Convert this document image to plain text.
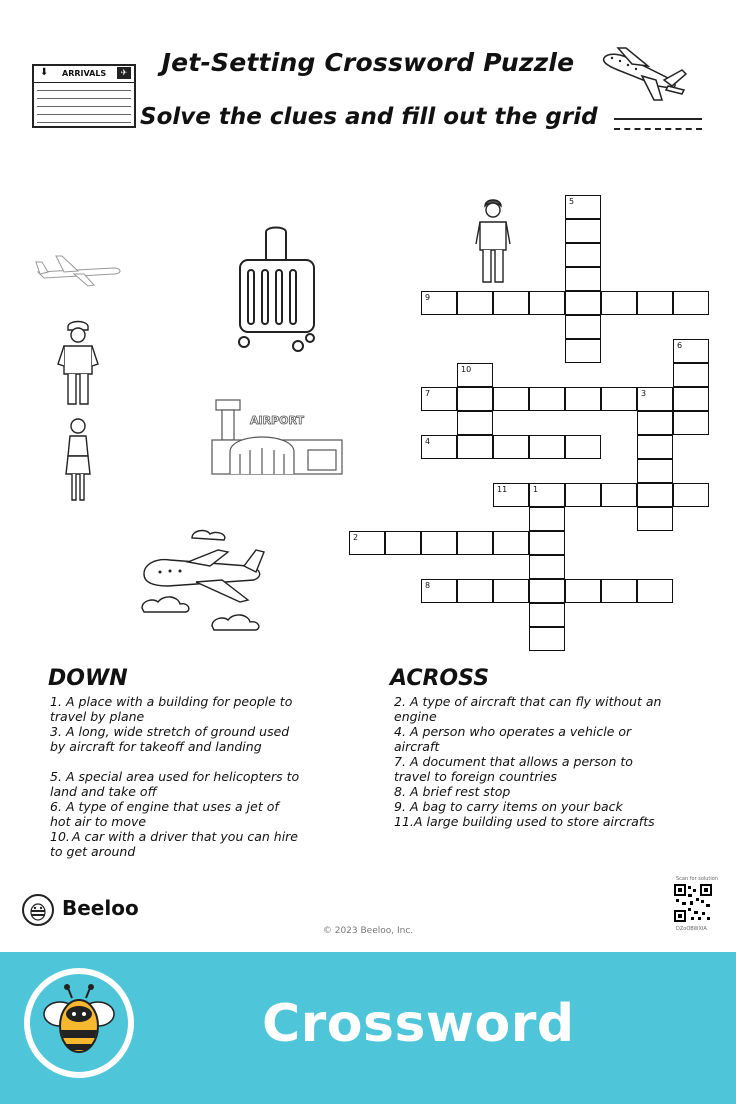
Jet-Setting Crossword Puzzle
Solve the clues and fill out the grid
⬇ ARRIVALS	✈
AIRPORT
5
9
6
10
7	3
4
11	1
2
8
DOWN	ACROSS
1. A place with a building for people to travel by plane
3. A long, wide stretch of ground used by aircraft for takeoff and landing
5. A special area used for helicopters to land and take off
6. A type of engine that uses a jet of hot air to move
10. A car with a driver that you can hire to get around
2. A type of aircraft that can fly without an engine
4. A person who operates a vehicle or aircraft
7. A document that allows a person to travel to foreign countries
8. A brief rest stop
9. A bag to carry items on your back
11.A large building used to store aircrafts
Beeloo
© 2023 Beeloo, Inc.
Scan for solution
DZoOBWXIA
Crossword
